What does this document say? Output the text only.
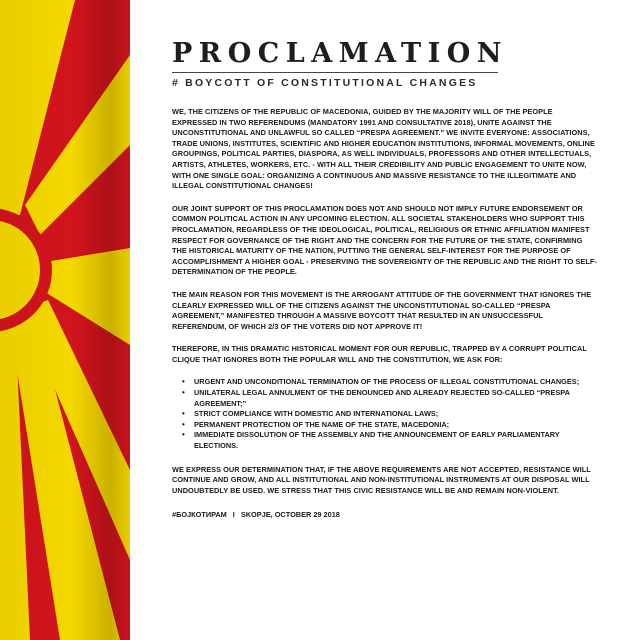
PROCLAMATION
# BOYCOTT OF CONSTITUTIONAL CHANGES

WE, THE CITIZENS OF THE REPUBLIC OF MACEDONIA, GUIDED BY THE MAJORITY WILL OF THE PEOPLE EXPRESSED IN TWO REFERENDUMS (MANDATORY 1991 AND CONSULTATIVE 2018), UNITE AGAINST THE UNCONSTITUTIONAL AND UNLAWFUL SO CALLED “PRESPA AGREEMENT.” WE INVITE EVERYONE: ASSOCIATIONS, TRADE UNIONS, INSTITUTES, SCIENTIFIC AND HIGHER EDUCATION INSTITUTIONS, INFORMAL MOVEMENTS, ONLINE GROUPINGS, POLITICAL PARTIES, DIASPORA, AS WELL INDIVIDUALS, PROFESSORS AND OTHER INTELLECTUALS, ARTISTS, ATHLETES, WORKERS, ETC. - WITH ALL THEIR CREDIBILITY AND PUBLIC ENGAGEMENT TO UNITE NOW, WITH ONE SINGLE GOAL: ORGANIZING A CONTINUOUS AND MASSIVE RESISTANCE TO THE ILLEGITIMATE AND ILLEGAL CONSTITUTIONAL CHANGES!

OUR JOINT SUPPORT OF THIS PROCLAMATION DOES NOT AND SHOULD NOT IMPLY FUTURE ENDORSEMENT OR COMMON POLITICAL ACTION IN ANY UPCOMING ELECTION. ALL SOCIETAL STAKEHOLDERS WHO SUPPORT THIS PROCLAMATION, REGARDLESS OF THE IDEOLOGICAL, POLITICAL, RELIGIOUS OR ETHNIC AFFILIATION MANIFEST RESPECT FOR GOVERNANCE OF THE RIGHT AND THE CONCERN FOR THE FUTURE OF THE STATE, CONFIRMING THE HISTORICAL MATURITY OF THE NATION, PUTTING THE GENERAL SELF-INTEREST FOR THE PURPOSE OF ACCOMPLISHMENT A HIGHER GOAL - PRESERVING THE SOVEREIGNTY OF THE REPUBLIC AND THE RIGHT TO SELF-DETERMINATION OF THE PEOPLE.

THE MAIN REASON FOR THIS MOVEMENT IS THE ARROGANT ATTITUDE OF THE GOVERNMENT THAT IGNORES THE CLEARLY EXPRESSED WILL OF THE CITIZENS AGAINST THE UNCONSTITUTIONAL SO-CALLED “PRESPA AGREEMENT,” MANIFESTED THROUGH A MASSIVE BOYCOTT THAT RESULTED IN AN UNSUCCESSFUL REFERENDUM, OF WHICH 2/3 OF THE VOTERS DID NOT APPROVE IT!

THEREFORE, IN THIS DRAMATIC HISTORICAL MOMENT FOR OUR REPUBLIC, TRAPPED BY A CORRUPT POLITICAL CLIQUE THAT IGNORES BOTH THE POPULAR WILL AND THE CONSTITUTION, WE ASK FOR:

• URGENT AND UNCONDITIONAL TERMINATION OF THE PROCESS OF ILLEGAL CONSTITUTIONAL CHANGES;
• UNILATERAL LEGAL ANNULMENT OF THE DENOUNCED AND ALREADY REJECTED SO-CALLED “PRESPA AGREEMENT;”
• STRICT COMPLIANCE WITH DOMESTIC AND INTERNATIONAL LAWS;
• PERMANENT PROTECTION OF THE NAME OF THE STATE, MACEDONIA;
• IMMEDIATE DISSOLUTION OF THE ASSEMBLY AND THE ANNOUNCEMENT OF EARLY PARLIAMENTARY ELECTIONS.

WE EXPRESS OUR DETERMINATION THAT, IF THE ABOVE REQUIREMENTS ARE NOT ACCEPTED, RESISTANCE WILL CONTINUE AND GROW, AND ALL INSTITUTIONAL AND NON-INSTITUTIONAL INSTRUMENTS AT OUR DISPOSAL WILL UNDOUBTEDLY BE USED. WE STRESS THAT THIS CIVIC RESISTANCE WILL BE AND REMAIN NON-VIOLENT.

#БОЈКОТИРАМ I SKOPJE, OCTOBER 29 2018
